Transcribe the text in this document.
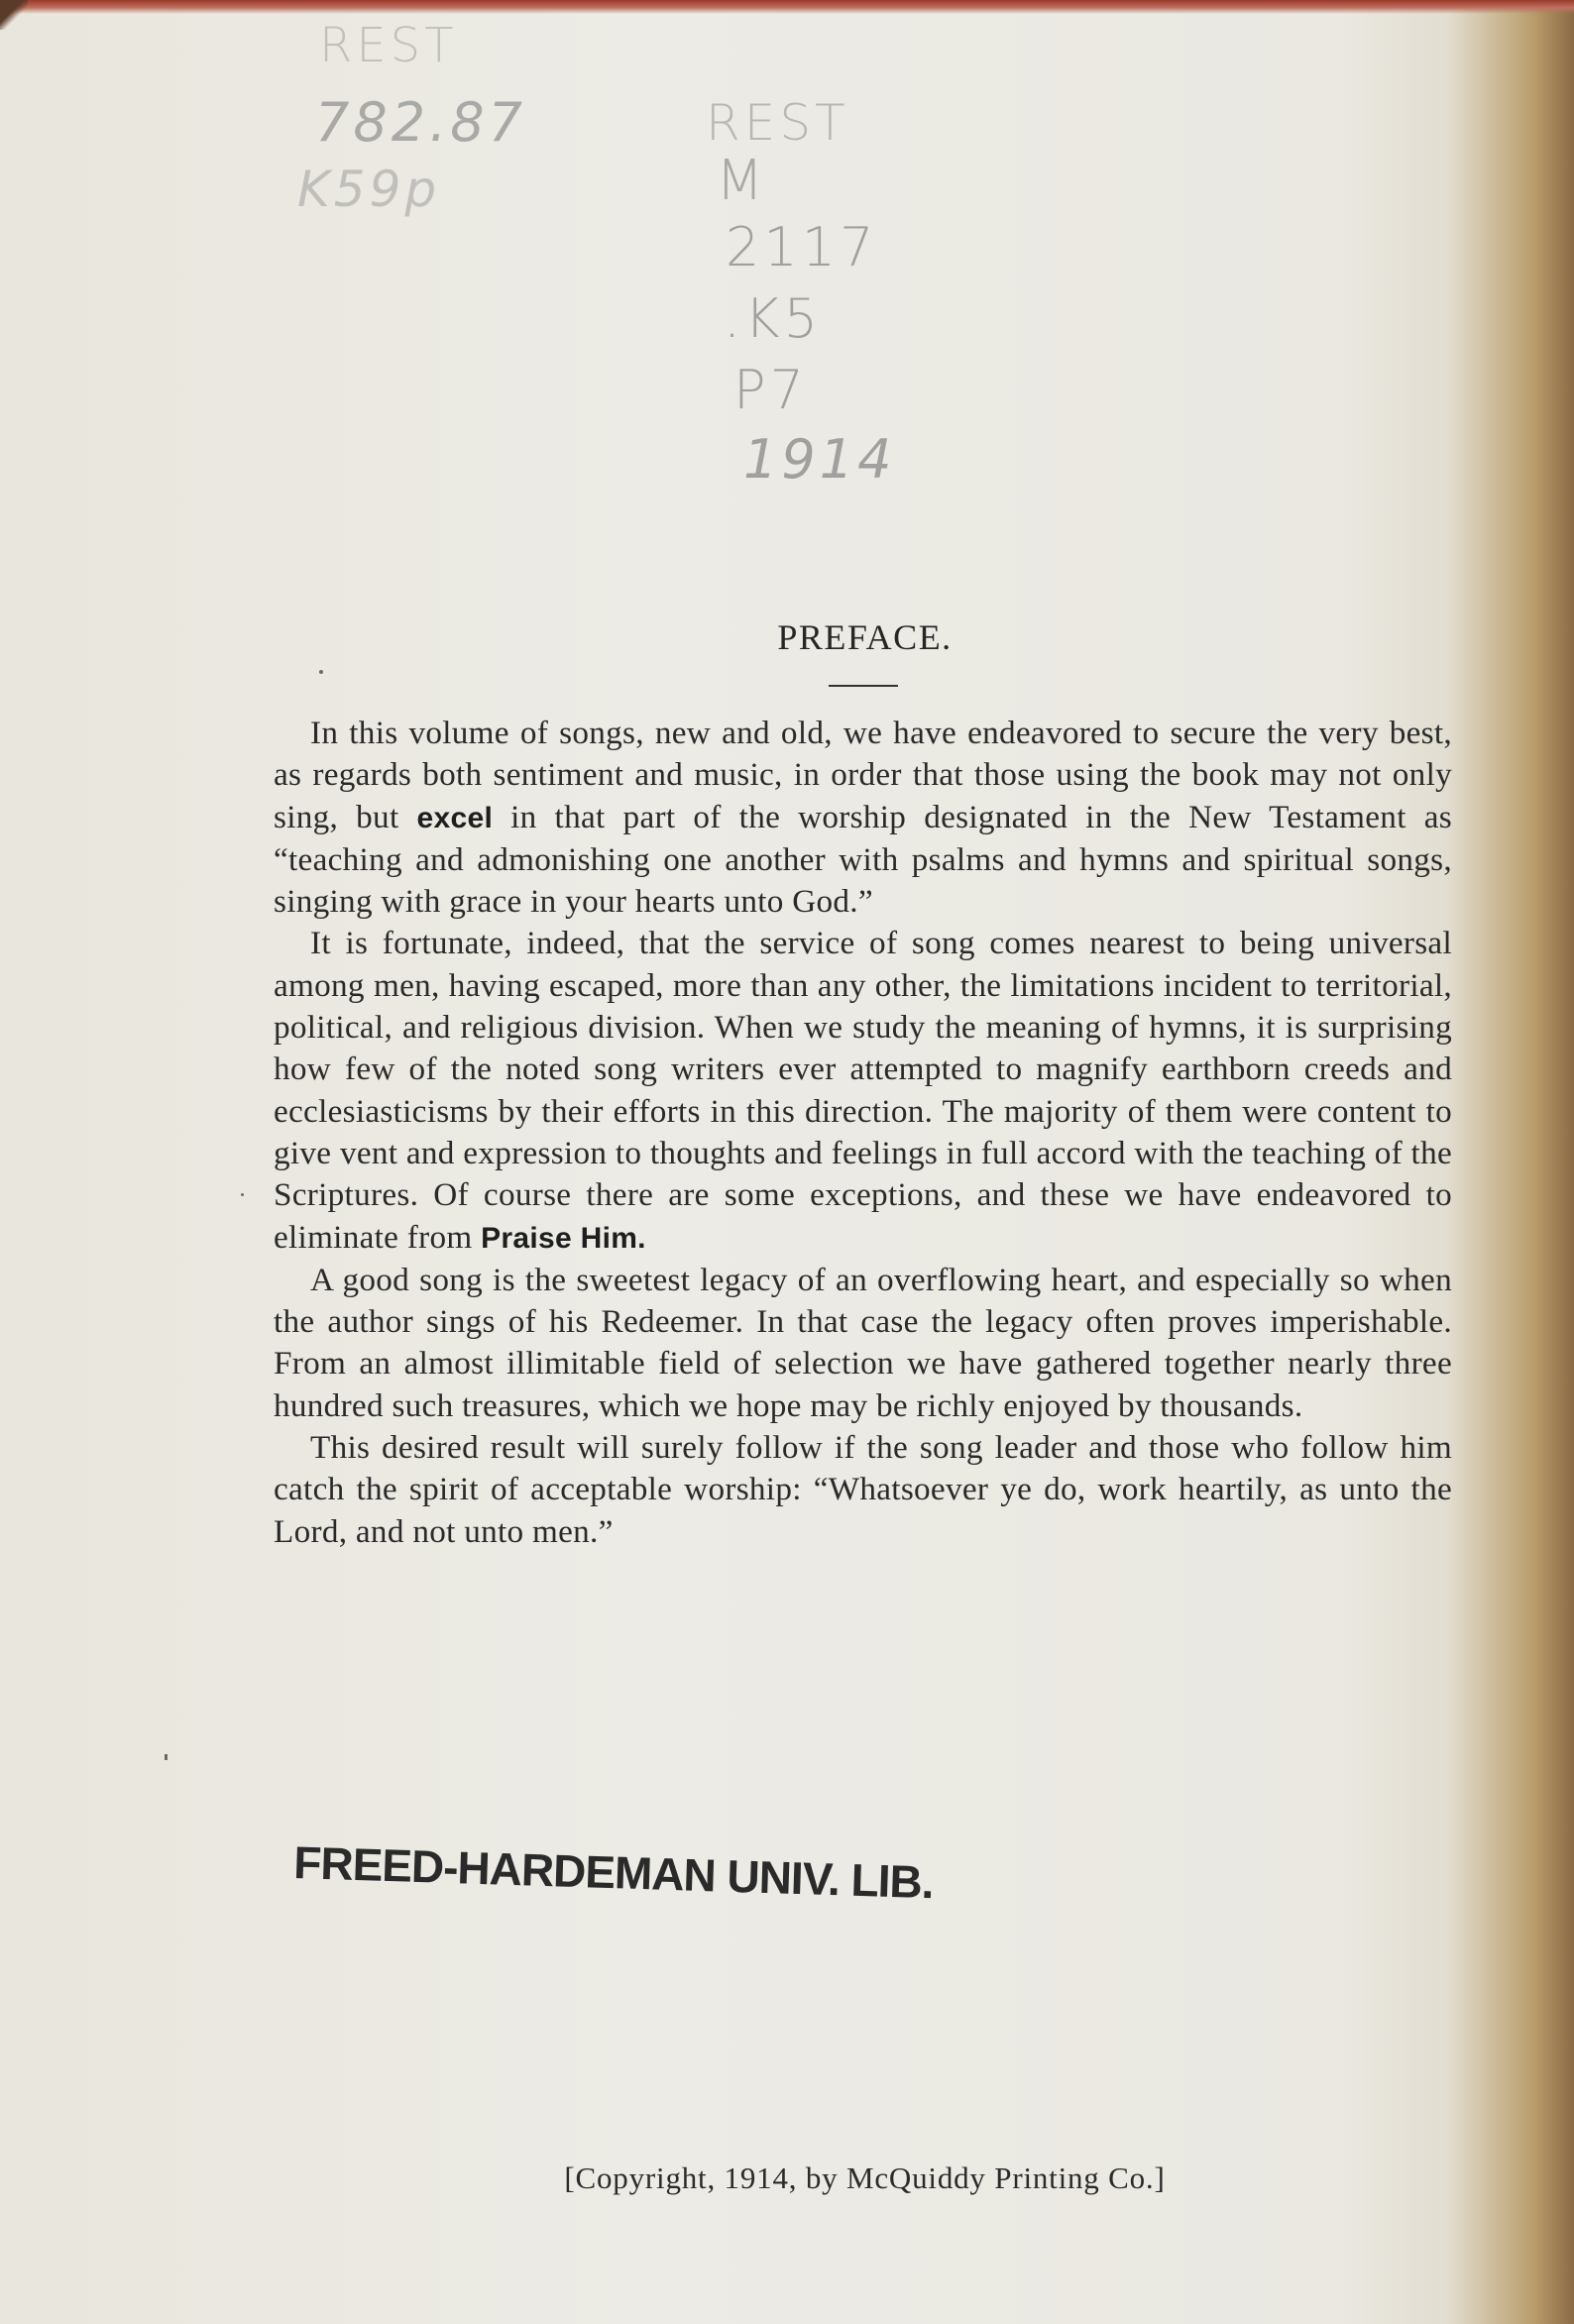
REST
782.87
K59p
REST
M
2117
.K5
P7
1914
PREFACE.

In this volume of songs, new and old, we have endeavored to secure the very best, as regards both sentiment and music, in order that those using the book may not only sing, but excel in that part of the worship designated in the New Testament as “teaching and admonishing one another with psalms and hymns and spiritual songs, singing with grace in your hearts unto God.”

It is fortunate, indeed, that the service of song comes nearest to being universal among men, having escaped, more than any other, the limitations incident to territorial, political, and religious division. When we study the meaning of hymns, it is surprising how few of the noted song writers ever attempted to magnify earthborn creeds and ecclesiasticisms by their efforts in this direction. The majority of them were content to give vent and expression to thoughts and feelings in full accord with the teaching of the Scriptures. Of course there are some exceptions, and these we have endeavored to eliminate from Praise Him.

A good song is the sweetest legacy of an overflowing heart, and especially so when the author sings of his Redeemer. In that case the legacy often proves imperishable. From an almost illimitable field of selection we have gathered together nearly three hundred such treasures, which we hope may be richly enjoyed by thousands.

This desired result will surely follow if the song leader and those who follow him catch the spirit of acceptable worship: “Whatsoever ye do, work heartily, as unto the Lord, and not unto men.”

FREED-HARDEMAN UNIV. LIB.
[Copyright, 1914, by McQuiddy Printing Co.]
